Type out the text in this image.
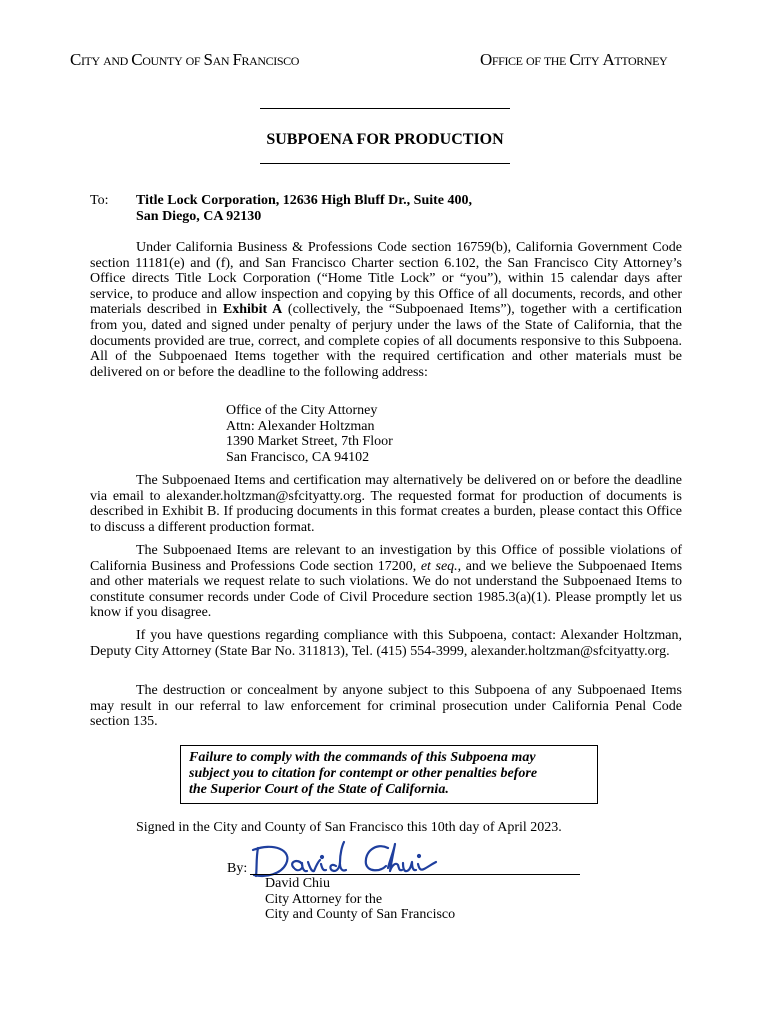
CITY AND COUNTY OF SAN FRANCISCO	OFFICE OF THE CITY ATTORNEY
SUBPOENA FOR PRODUCTION
To: Title Lock Corporation, 12636 High Bluff Dr., Suite 400,
San Diego, CA 92130

Under California Business & Professions Code section 16759(b), California Government Code section 11181(e) and (f), and San Francisco Charter section 6.102, the San Francisco City Attorney’s Office directs Title Lock Corporation (“Home Title Lock” or “you”), within 15 calendar days after service, to produce and allow inspection and copying by this Office of all documents, records, and other materials described in Exhibit A (collectively, the “Subpoenaed Items”), together with a certification from you, dated and signed under penalty of perjury under the laws of the State of California, that the documents provided are true, correct, and complete copies of all documents responsive to this Subpoena. All of the Subpoenaed Items together with the required certification and other materials must be delivered on or before the deadline to the following address:

Office of the City Attorney
Attn: Alexander Holtzman
1390 Market Street, 7th Floor
San Francisco, CA 94102

The Subpoenaed Items and certification may alternatively be delivered on or before the deadline via email to alexander.holtzman@sfcityatty.org. The requested format for production of documents is described in Exhibit B. If producing documents in this format creates a burden, please contact this Office to discuss a different production format.

The Subpoenaed Items are relevant to an investigation by this Office of possible violations of California Business and Professions Code section 17200, et seq., and we believe the Subpoenaed Items and other materials we request relate to such violations. We do not understand the Subpoenaed Items to constitute consumer records under Code of Civil Procedure section 1985.3(a)(1). Please promptly let us know if you disagree.

If you have questions regarding compliance with this Subpoena, contact: Alexander Holtzman, Deputy City Attorney (State Bar No. 311813), Tel. (415) 554-3999, alexander.holtzman@sfcityatty.org.

The destruction or concealment by anyone subject to this Subpoena of any Subpoenaed Items may result in our referral to law enforcement for criminal prosecution under California Penal Code section 135.

Failure to comply with the commands of this Subpoena may
subject you to citation for contempt or other penalties before
the Superior Court of the State of California.
Signed in the City and County of San Francisco this 10th day of April 2023.
By:
David Chiu
City Attorney for the
City and County of San Francisco
